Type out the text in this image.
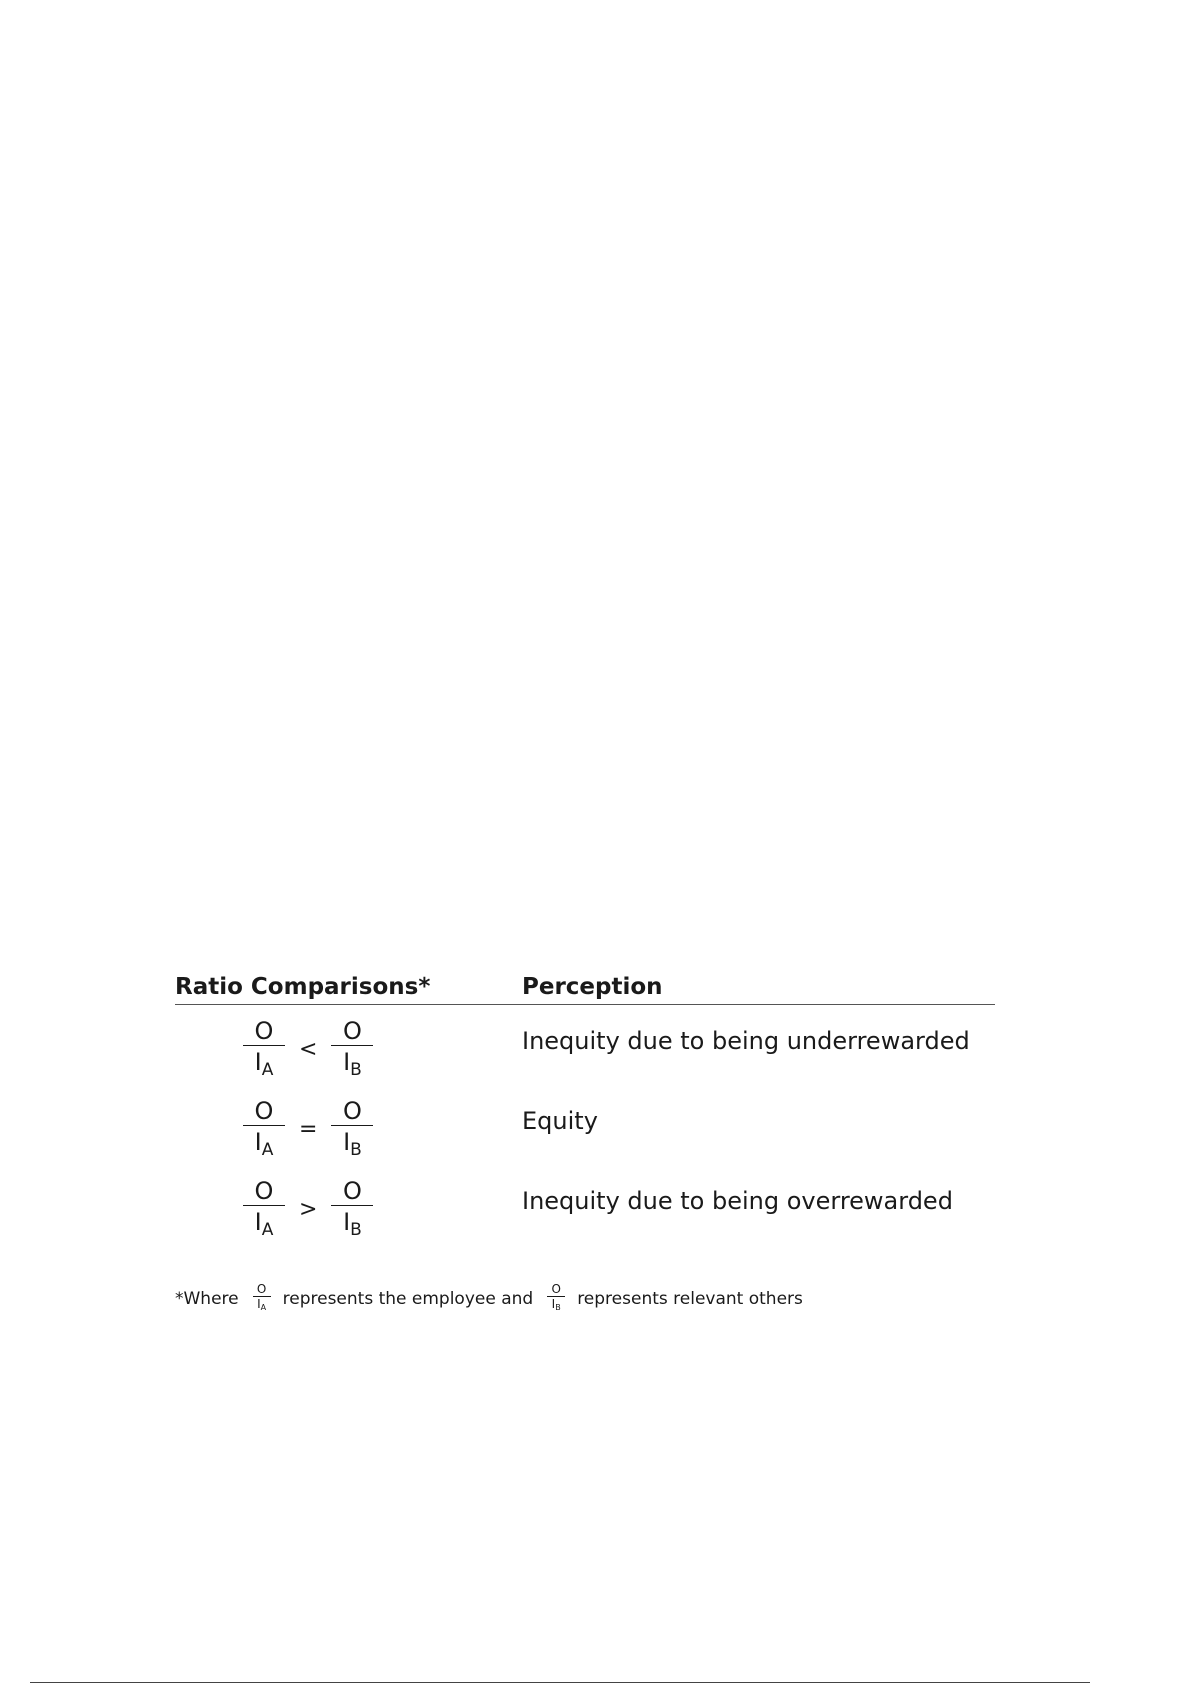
Ratio Comparisons*	Perception
$\frac{O}{I_A} < \frac{O}{I_B}$	Inequity due to being underrewarded
$\frac{O}{I_A} = \frac{O}{I_B}$	Equity
$\frac{O}{I_A} > \frac{O}{I_B}$	Inequity due to being overrewarded
*Where $\frac{O}{I_A}$ represents the employee and $\frac{O}{I_B}$ represents relevant others
